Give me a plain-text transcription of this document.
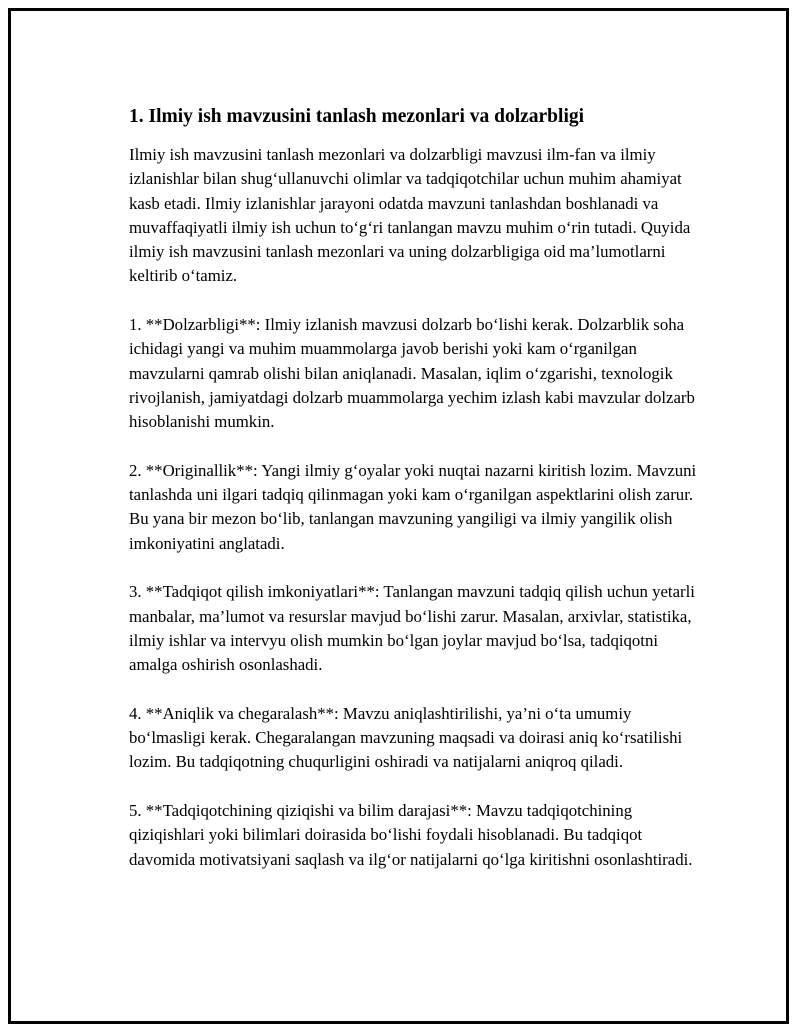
1. Ilmiy ish mavzusini tanlash mezonlari va dolzarbligi

Ilmiy ish mavzusini tanlash mezonlari va dolzarbligi mavzusi ilm-fan va ilmiy izlanishlar bilan shug‘ullanuvchi olimlar va tadqiqotchilar uchun muhim ahamiyat kasb etadi. Ilmiy izlanishlar jarayoni odatda mavzuni tanlashdan boshlanadi va muvaffaqiyatli ilmiy ish uchun to‘g‘ri tanlangan mavzu muhim o‘rin tutadi. Quyida ilmiy ish mavzusini tanlash mezonlari va uning dolzarbligiga oid ma’lumotlarni keltirib o‘tamiz.

1. **Dolzarbligi**: Ilmiy izlanish mavzusi dolzarb bo‘lishi kerak. Dolzarblik soha ichidagi yangi va muhim muammolarga javob berishi yoki kam o‘rganilgan mavzularni qamrab olishi bilan aniqlanadi. Masalan, iqlim o‘zgarishi, texnologik rivojlanish, jamiyatdagi dolzarb muammolarga yechim izlash kabi mavzular dolzarb hisoblanishi mumkin.

2. **Originallik**: Yangi ilmiy g‘oyalar yoki nuqtai nazarni kiritish lozim. Mavzuni tanlashda uni ilgari tadqiq qilinmagan yoki kam o‘rganilgan aspektlarini olish zarur. Bu yana bir mezon bo‘lib, tanlangan mavzuning yangiligi va ilmiy yangilik olish imkoniyatini anglatadi.

3. **Tadqiqot qilish imkoniyatlari**: Tanlangan mavzuni tadqiq qilish uchun yetarli manbalar, ma’lumot va resurslar mavjud bo‘lishi zarur. Masalan, arxivlar, statistika, ilmiy ishlar va intervyu olish mumkin bo‘lgan joylar mavjud bo‘lsa, tadqiqotni amalga oshirish osonlashadi.

4. **Aniqlik va chegaralash**: Mavzu aniqlashtirilishi, ya’ni o‘ta umumiy bo‘lmasligi kerak. Chegaralangan mavzuning maqsadi va doirasi aniq ko‘rsatilishi lozim. Bu tadqiqotning chuqurligini oshiradi va natijalarni aniqroq qiladi.

5. **Tadqiqotchining qiziqishi va bilim darajasi**: Mavzu tadqiqotchining qiziqishlari yoki bilimlari doirasida bo‘lishi foydali hisoblanadi. Bu tadqiqot davomida motivatsiyani saqlash va ilg‘or natijalarni qo‘lga kiritishni osonlashtiradi.
